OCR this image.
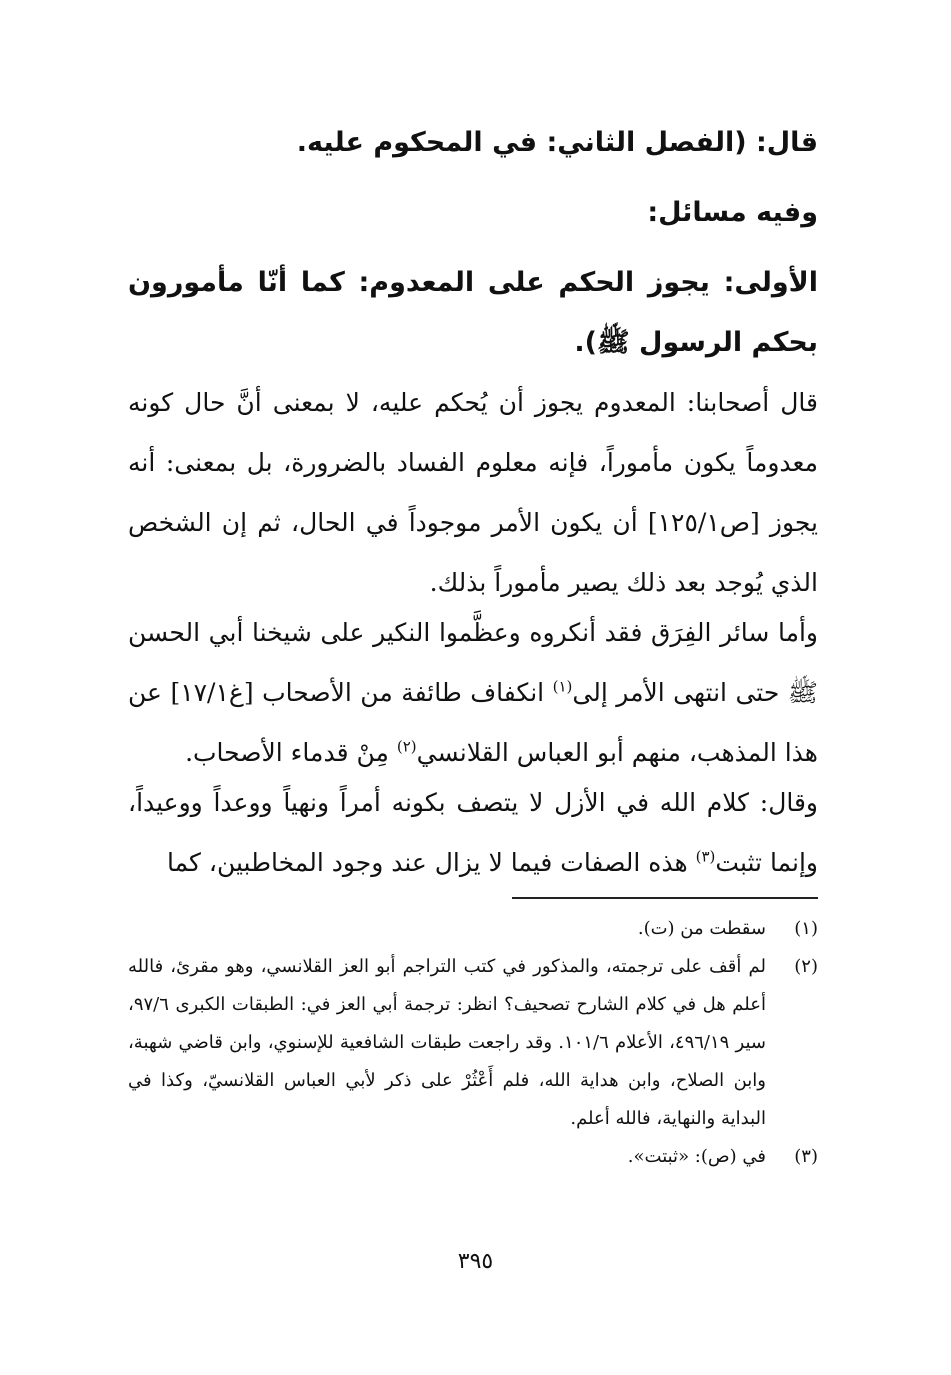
قال: (الفصل الثاني: في المحكوم عليه.
وفيه مسائل:
الأولى: يجوز الحكم على المعدوم: كما أنّا مأمورون بحكم الرسول ﷺ).

قال أصحابنا: المعدوم يجوز أن يُحكم عليه، لا بمعنى أنَّ حال كونه معدوماً يكون مأموراً، فإنه معلوم الفساد بالضرورة، بل بمعنى: أنه يجوز [ص١٢٥/١] أن يكون الأمر موجوداً في الحال، ثم إن الشخص الذي يُوجد بعد ذلك يصير مأموراً بذلك.

وأما سائر الفِرَق فقد أنكروه وعظَّموا النكير على شيخنا أبي الحسن ﷺ حتى انتهى الأمر إلى$^{(١)}$ انكفاف طائفة من الأصحاب [غ١٧/١] عن هذا المذهب، منهم أبو العباس القلانسي$^{(٢)}$ مِنْ قدماء الأصحاب.

وقال: كلام الله في الأزل لا يتصف بكونه أمراً ونهياً ووعداً ووعيداً، وإنما تثبت$^{(٣)}$ هذه الصفات فيما لا يزال عند وجود المخاطبين، كما

(١)
سقطت من (ت).
(٢)
لم أقف على ترجمته، والمذكور في كتب التراجم أبو العز القلانسي، وهو مقرئ، فالله أعلم هل في كلام الشارح تصحيف؟ انظر: ترجمة أبي العز في: الطبقات الكبرى ٩٧/٦، سير ٤٩٦/١٩، الأعلام ١٠١/٦. وقد راجعت طبقات الشافعية للإسنوي، وابن قاضي شهبة، وابن الصلاح، وابن هداية الله، فلم أَعْثُرْ على ذكر لأبي العباس القلانسيّ، وكذا في البداية والنهاية، فالله أعلم.
(٣)
في (ص): «ثبتت».
٣٩٥
